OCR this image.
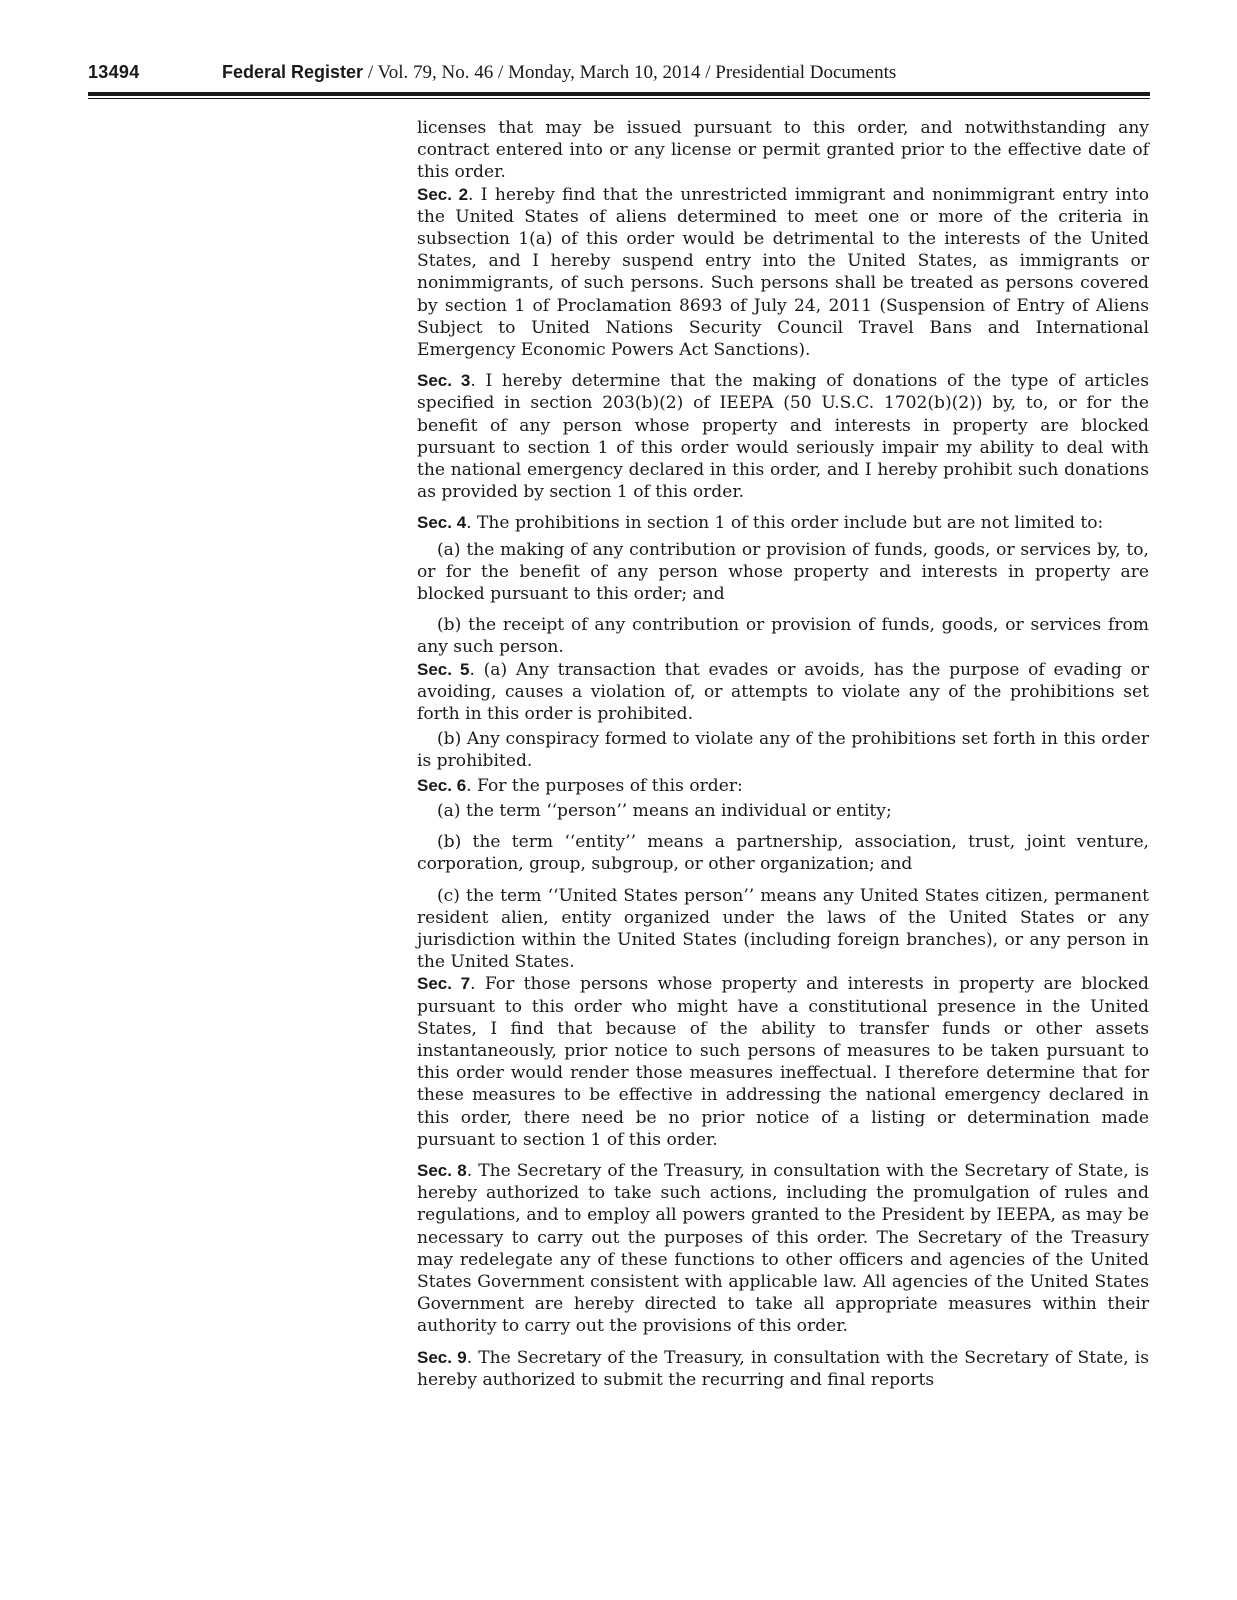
13494	Federal Register / Vol. 79, No. 46 / Monday, March 10, 2014 / Presidential Documents

licenses that may be issued pursuant to this order, and notwithstanding any contract entered into or any license or permit granted prior to the effective date of this order.

Sec. 2. I hereby find that the unrestricted immigrant and nonimmigrant entry into the United States of aliens determined to meet one or more of the criteria in subsection 1(a) of this order would be detrimental to the interests of the United States, and I hereby suspend entry into the United States, as immigrants or nonimmigrants, of such persons. Such persons shall be treated as persons covered by section 1 of Proclamation 8693 of July 24, 2011 (Suspension of Entry of Aliens Subject to United Nations Security Council Travel Bans and International Emergency Economic Powers Act Sanctions).

Sec. 3. I hereby determine that the making of donations of the type of articles specified in section 203(b)(2) of IEEPA (50 U.S.C. 1702(b)(2)) by, to, or for the benefit of any person whose property and interests in property are blocked pursuant to section 1 of this order would seriously impair my ability to deal with the national emergency declared in this order, and I hereby prohibit such donations as provided by section 1 of this order.

Sec. 4. The prohibitions in section 1 of this order include but are not limited to:

(a) the making of any contribution or provision of funds, goods, or services by, to, or for the benefit of any person whose property and interests in property are blocked pursuant to this order; and

(b) the receipt of any contribution or provision of funds, goods, or services from any such person.

Sec. 5. (a) Any transaction that evades or avoids, has the purpose of evading or avoiding, causes a violation of, or attempts to violate any of the prohibitions set forth in this order is prohibited.

(b) Any conspiracy formed to violate any of the prohibitions set forth in this order is prohibited.

Sec. 6. For the purposes of this order:

(a) the term ‘‘person’’ means an individual or entity;

(b) the term ‘‘entity’’ means a partnership, association, trust, joint venture, corporation, group, subgroup, or other organization; and

(c) the term ‘‘United States person’’ means any United States citizen, permanent resident alien, entity organized under the laws of the United States or any jurisdiction within the United States (including foreign branches), or any person in the United States.

Sec. 7. For those persons whose property and interests in property are blocked pursuant to this order who might have a constitutional presence in the United States, I find that because of the ability to transfer funds or other assets instantaneously, prior notice to such persons of measures to be taken pursuant to this order would render those measures ineffectual. I therefore determine that for these measures to be effective in addressing the national emergency declared in this order, there need be no prior notice of a listing or determination made pursuant to section 1 of this order.

Sec. 8. The Secretary of the Treasury, in consultation with the Secretary of State, is hereby authorized to take such actions, including the promulgation of rules and regulations, and to employ all powers granted to the President by IEEPA, as may be necessary to carry out the purposes of this order. The Secretary of the Treasury may redelegate any of these functions to other officers and agencies of the United States Government consistent with applicable law. All agencies of the United States Government are hereby directed to take all appropriate measures within their authority to carry out the provisions of this order.

Sec. 9. The Secretary of the Treasury, in consultation with the Secretary of State, is hereby authorized to submit the recurring and final reports
